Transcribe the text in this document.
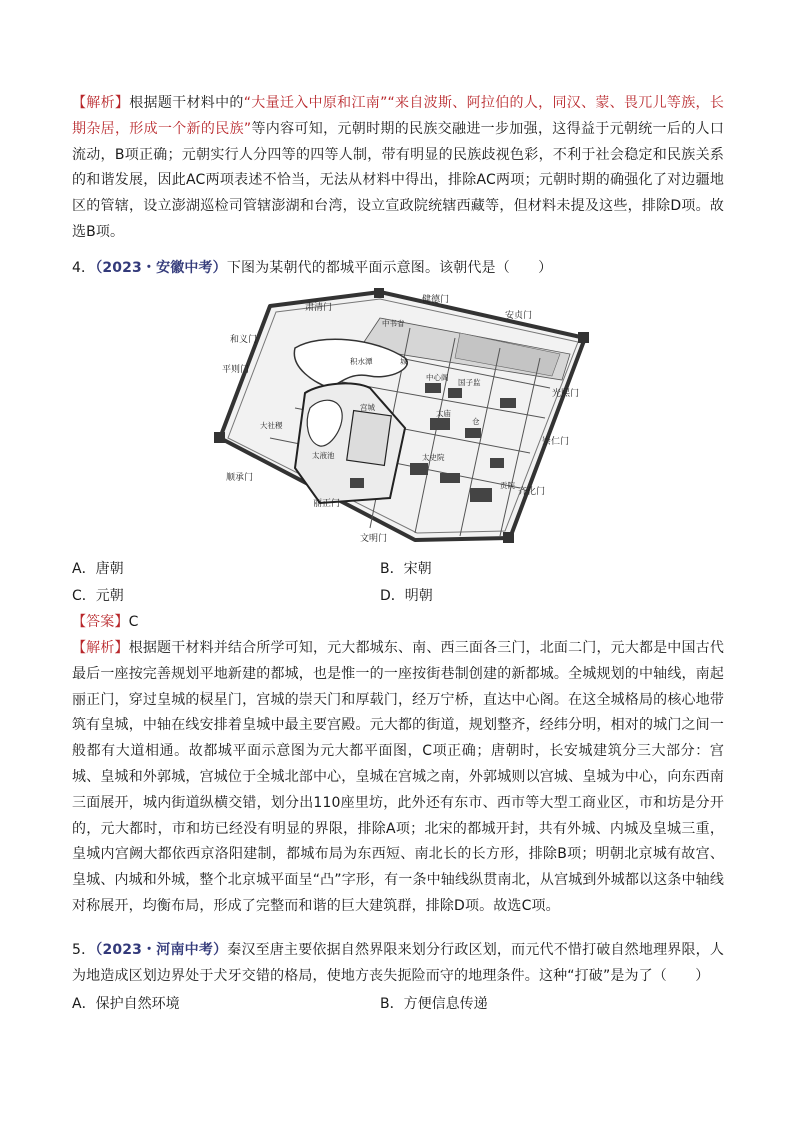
【解析】根据题干材料中的“大量迁入中原和江南”“来自波斯、阿拉伯的人，同汉、蒙、畏兀儿等族，长期杂居，形成一个新的民族”等内容可知，元朝时期的民族交融进一步加强，这得益于元朝统一后的人口流动，B项正确；元朝实行人分四等的四等人制，带有明显的民族歧视色彩，不利于社会稳定和民族关系的和谐发展，因此AC两项表述不恰当，无法从材料中得出，排除AC两项；元朝时期的确强化了对边疆地区的管辖，设立澎湖巡检司管辖澎湖和台湾，设立宣政院统辖西藏等，但材料未提及这些，排除D项。故选B项。
4．（2023・安徽中考）下图为某朝代的都城平面示意图。该朝代是（　　）
中书省
城
积水潭
中心阁
国子监
宫城
太液池
太庙
大社稷	仓
太史院
贡院
肃清门
健德门
安贞门
和义门
平则门
光熙门
崇仁门
顺承门
丽正门
齐化门
文明门
A．唐朝	B．宋朝
C．元朝	D．明朝
【答案】C
【解析】根据题干材料并结合所学可知，元大都城东、南、西三面各三门，北面二门，元大都是中国古代最后一座按完善规划平地新建的都城，也是惟一的一座按街巷制创建的新都城。全城规划的中轴线，南起丽正门，穿过皇城的棂星门，宫城的崇天门和厚载门，经万宁桥，直达中心阁。在这全城格局的核心地带筑有皇城，中轴在线安排着皇城中最主要宫殿。元大都的街道，规划整齐，经纬分明，相对的城门之间一般都有大道相通。故都城平面示意图为元大都平面图，C项正确；唐朝时，长安城建筑分三大部分：宫城、皇城和外郭城，宫城位于全城北部中心，皇城在宫城之南，外郭城则以宫城、皇城为中心，向东西南三面展开，城内街道纵横交错，划分出110座里坊，此外还有东市、西市等大型工商业区，市和坊是分开的，元大都时，市和坊已经没有明显的界限，排除A项；北宋的都城开封，共有外城、内城及皇城三重，皇城内宫阙大都依西京洛阳建制，都城布局为东西短、南北长的长方形，排除B项；明朝北京城有故宫、皇城、内城和外城，整个北京城平面呈“凸”字形，有一条中轴线纵贯南北，从宫城到外城都以这条中轴线对称展开，均衡布局，形成了完整而和谐的巨大建筑群，排除D项。故选C项。
5．（2023・河南中考）秦汉至唐主要依据自然界限来划分行政区划，而元代不惜打破自然地理界限，人为地造成区划边界处于犬牙交错的格局，使地方丧失扼险而守的地理条件。这种“打破”是为了（　　）
A．保护自然环境	B．方便信息传递
